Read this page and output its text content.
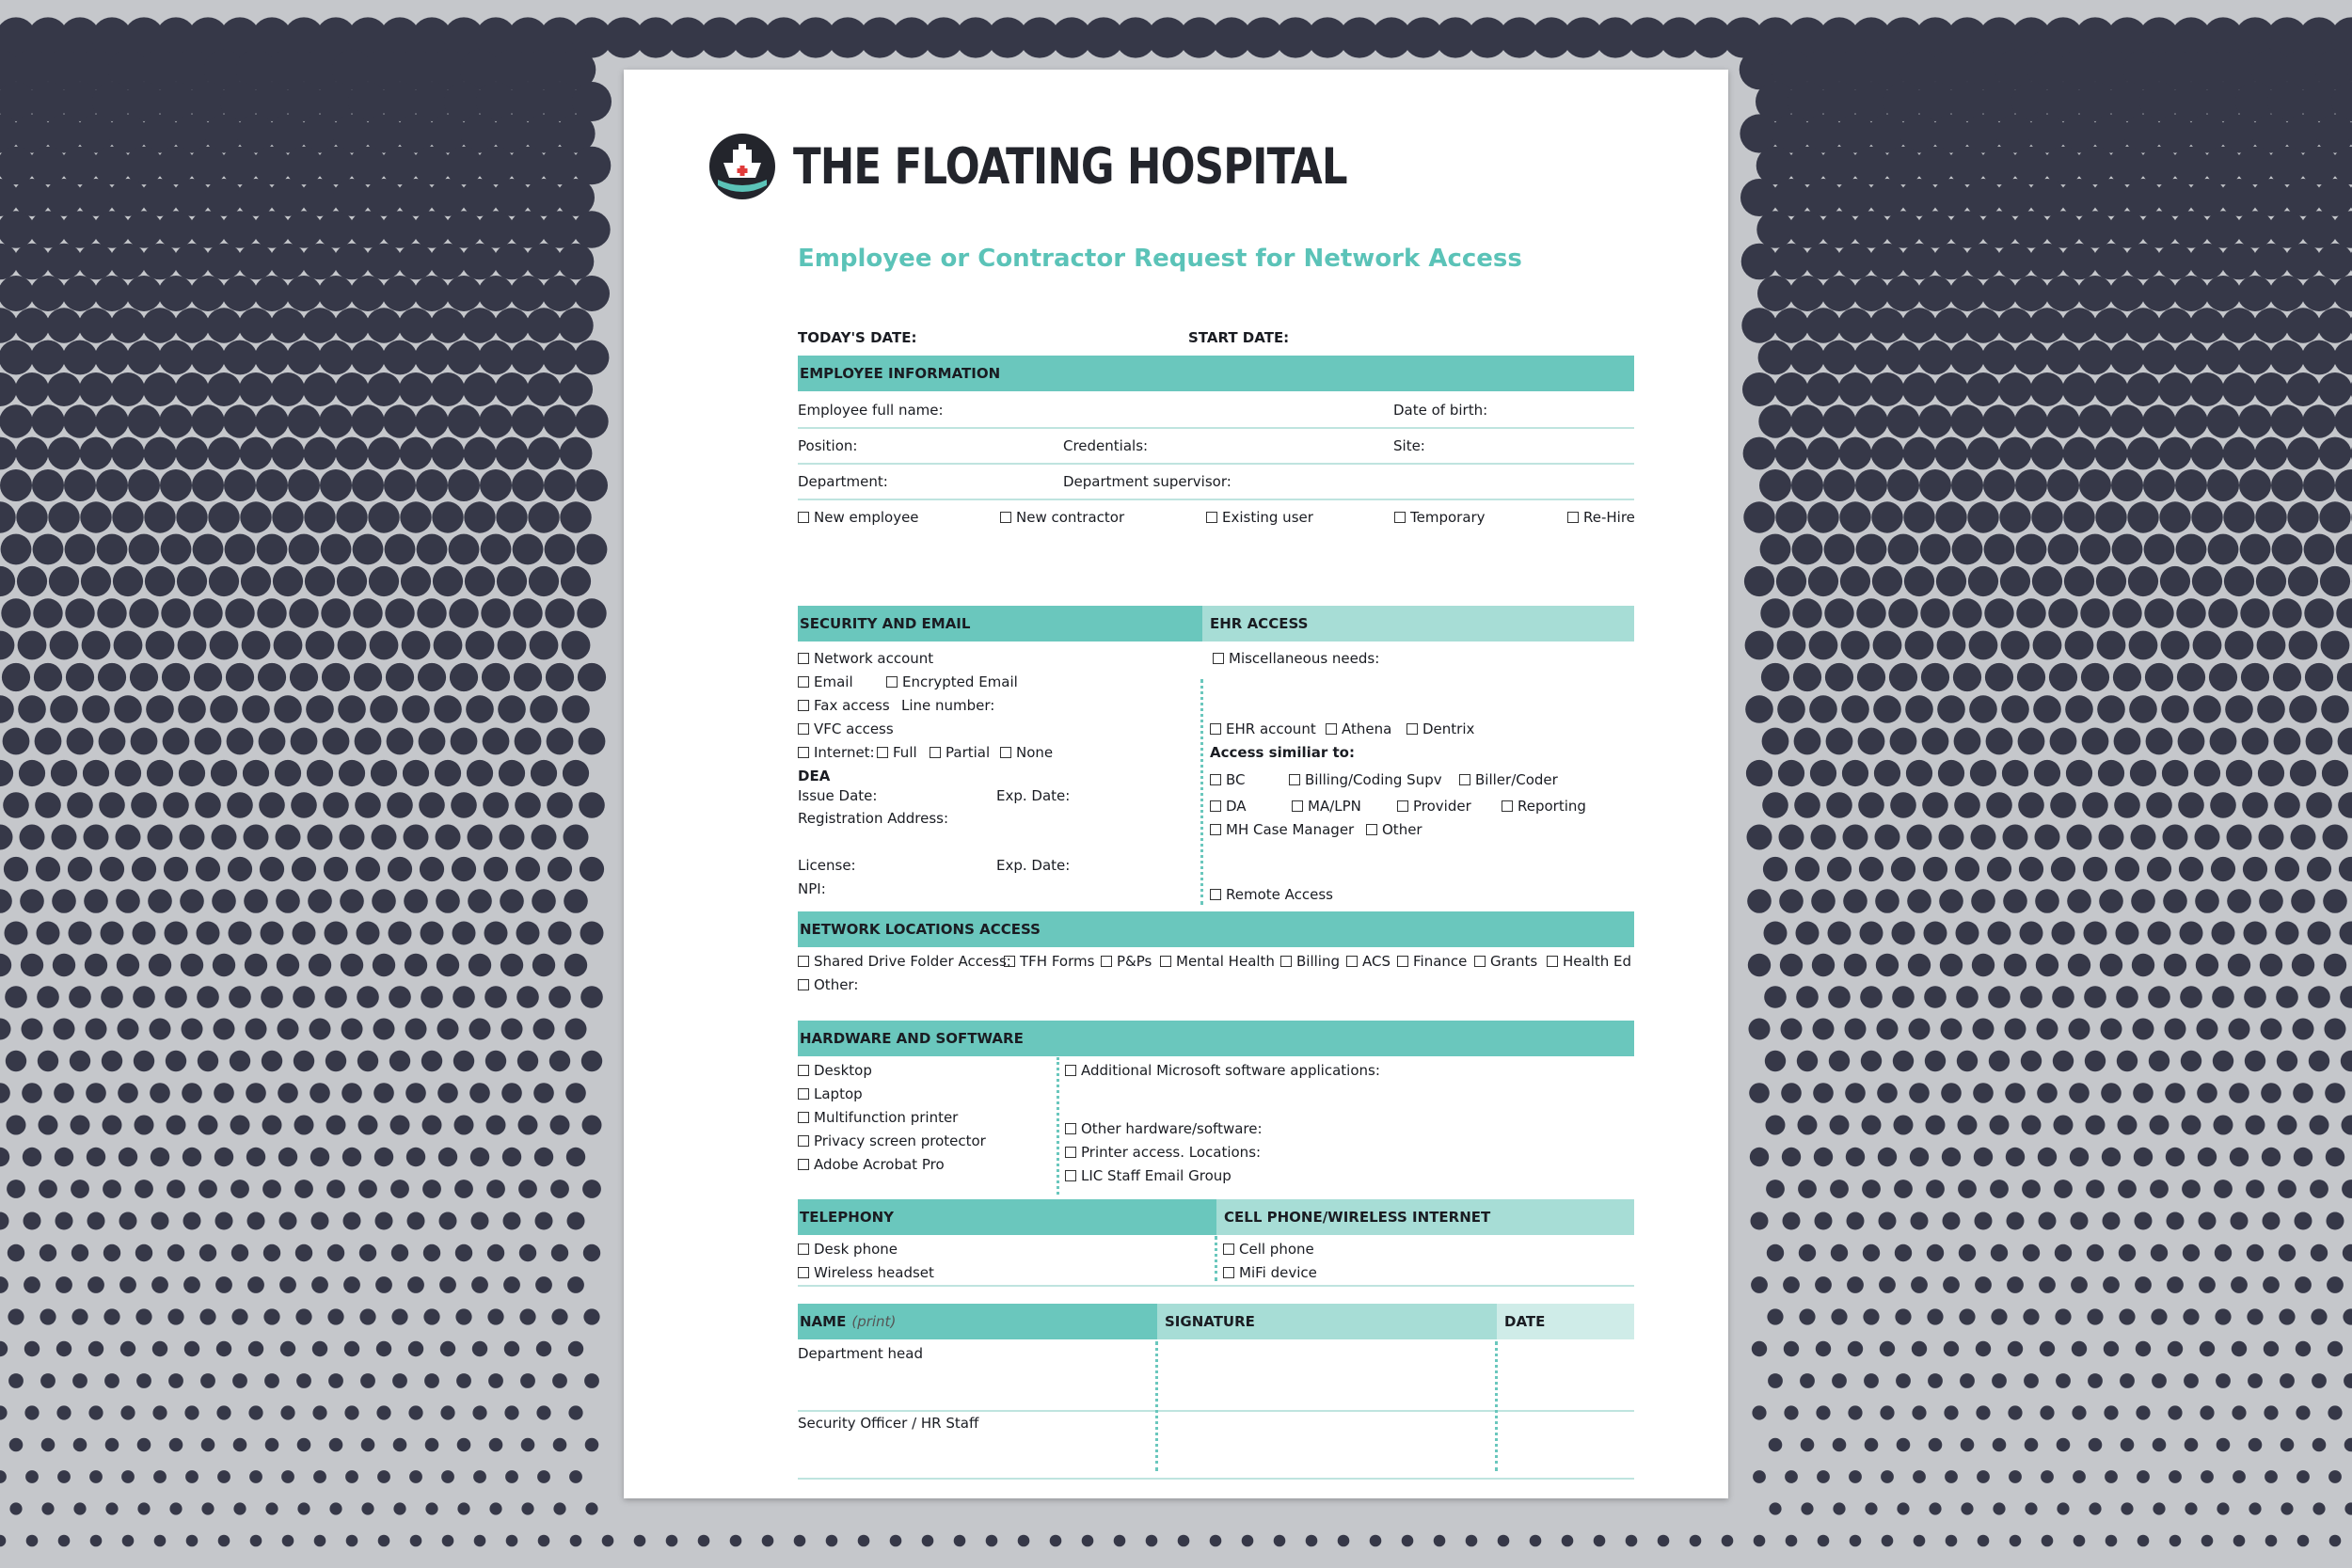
THE FLOATING HOSPITAL
Employee or Contractor Request for Network Access
TODAY'S DATE:	START DATE:
EMPLOYEE INFORMATION
Employee full name:	Date of birth:
Position:	Credentials:	Site:
Department:	Department supervisor:
New employee	New contractor	Existing user	Temporary	Re-Hire
SECURITY AND EMAIL	EHR ACCESS
Network account
Email	Encrypted Email
Fax access Line number:
VFC access
Internet:	Full	Partial	None
DEA
Issue Date:	Exp. Date:
Registration Address:
License:	Exp. Date:
NPI:
Miscellaneous needs:
EHR account	Athena	Dentrix
Access similiar to:
BC	Billing/Coding Supv	Biller/Coder
DA	MA/LPN	Provider	Reporting
MH Case Manager	Other
Remote Access
NETWORK LOCATIONS ACCESS
Shared Drive Folder Access: TFH Forms	P&Ps	Mental Health	Billing	ACS	Finance	Grants	Health Ed
Other:
HARDWARE AND SOFTWARE
Desktop
Laptop
Multifunction printer
Privacy screen protector
Adobe Acrobat Pro
Additional Microsoft software applications:
Other hardware/software:
Printer access. Locations:
LIC Staff Email Group
TELEPHONY	CELL PHONE/WIRELESS INTERNET
Desk phone
Wireless headset
Cell phone
MiFi device
NAME (print)	SIGNATURE	DATE
Department head
Security Officer / HR Staff
